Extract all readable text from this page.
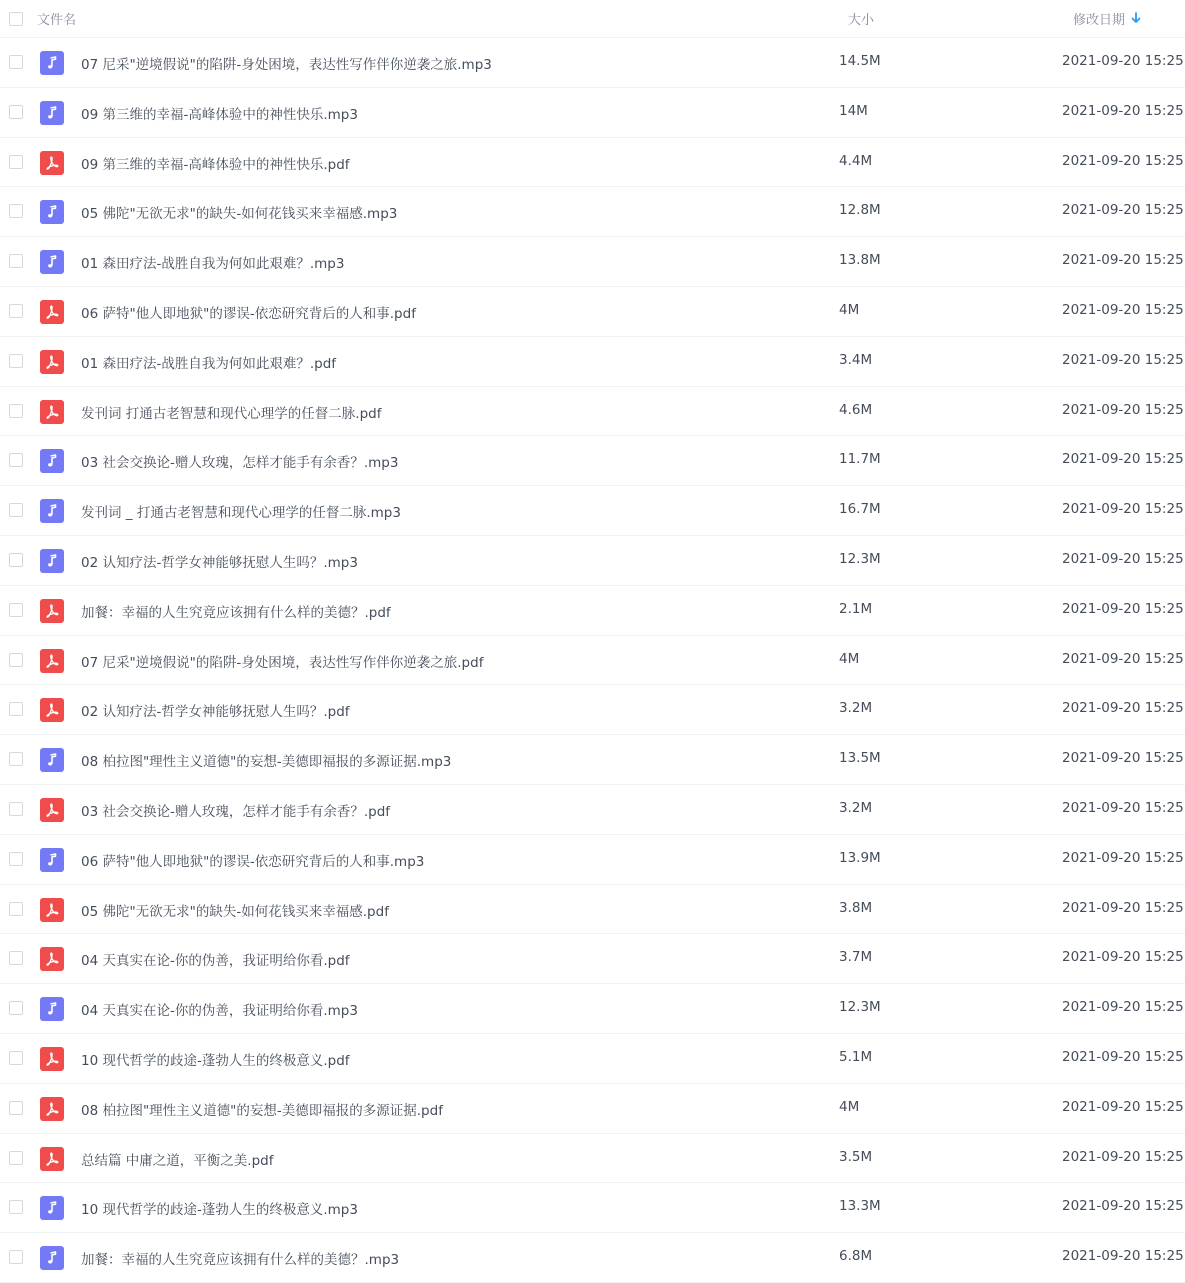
文件名	大小	修改日期
07 尼采"逆境假说"的陷阱-身处困境，表达性写作伴你逆袭之旅.mp3	14.5M	2021-09-20 15:25
09 第三维的幸福-高峰体验中的神性快乐.mp3	14M	2021-09-20 15:25
09 第三维的幸福-高峰体验中的神性快乐.pdf	4.4M	2021-09-20 15:25
05 佛陀"无欲无求"的缺失-如何花钱买来幸福感.mp3	12.8M	2021-09-20 15:25
01 森田疗法-战胜自我为何如此艰难？.mp3	13.8M	2021-09-20 15:25
06 萨特"他人即地狱"的谬误-依恋研究背后的人和事.pdf	4M	2021-09-20 15:25
01 森田疗法-战胜自我为何如此艰难？.pdf	3.4M	2021-09-20 15:25
发刊词 打通古老智慧和现代心理学的任督二脉.pdf	4.6M	2021-09-20 15:25
03 社会交换论-赠人玫瑰，怎样才能手有余香？.mp3	11.7M	2021-09-20 15:25
发刊词 _ 打通古老智慧和现代心理学的任督二脉.mp3	16.7M	2021-09-20 15:25
02 认知疗法-哲学女神能够抚慰人生吗？.mp3	12.3M	2021-09-20 15:25
加餐：幸福的人生究竟应该拥有什么样的美德？.pdf	2.1M	2021-09-20 15:25
07 尼采"逆境假说"的陷阱-身处困境，表达性写作伴你逆袭之旅.pdf	4M	2021-09-20 15:25
02 认知疗法-哲学女神能够抚慰人生吗？.pdf	3.2M	2021-09-20 15:25
08 柏拉图"理性主义道德"的妄想-美德即福报的多源证据.mp3	13.5M	2021-09-20 15:25
03 社会交换论-赠人玫瑰，怎样才能手有余香？.pdf	3.2M	2021-09-20 15:25
06 萨特"他人即地狱"的谬误-依恋研究背后的人和事.mp3	13.9M	2021-09-20 15:25
05 佛陀"无欲无求"的缺失-如何花钱买来幸福感.pdf	3.8M	2021-09-20 15:25
04 天真实在论-你的伪善，我证明给你看.pdf	3.7M	2021-09-20 15:25
04 天真实在论-你的伪善，我证明给你看.mp3	12.3M	2021-09-20 15:25
10 现代哲学的歧途-蓬勃人生的终极意义.pdf	5.1M	2021-09-20 15:25
08 柏拉图"理性主义道德"的妄想-美德即福报的多源证据.pdf	4M	2021-09-20 15:25
总结篇 中庸之道，平衡之美.pdf	3.5M	2021-09-20 15:25
10 现代哲学的歧途-蓬勃人生的终极意义.mp3	13.3M	2021-09-20 15:25
加餐：幸福的人生究竟应该拥有什么样的美德？.mp3	6.8M	2021-09-20 15:25
